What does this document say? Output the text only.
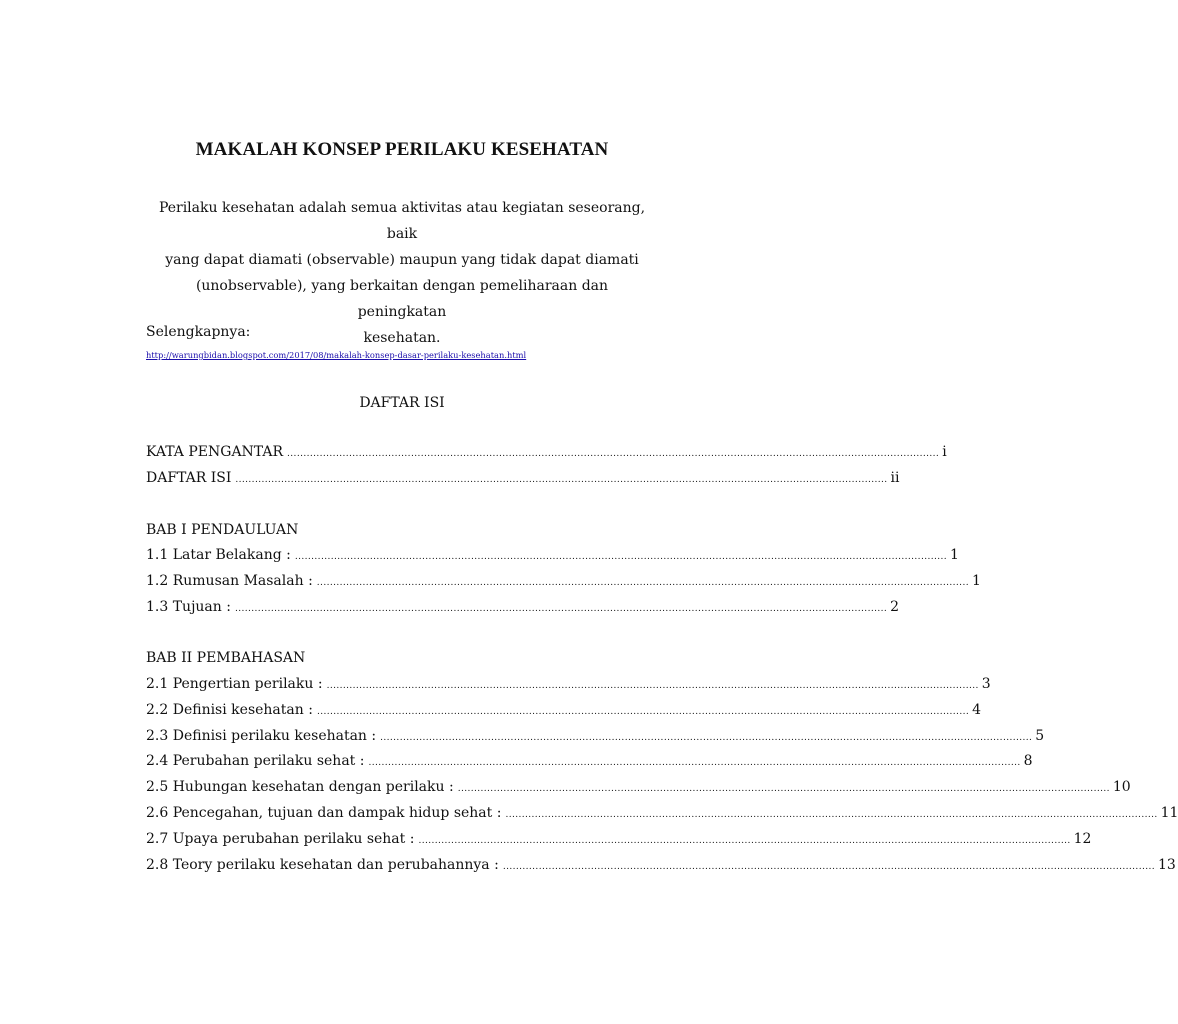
MAKALAH KONSEP PERILAKU KESEHATAN
Perilaku kesehatan adalah semua aktivitas atau kegiatan seseorang, baik
yang dapat diamati (observable) maupun yang tidak dapat diamati
(unobservable), yang berkaitan dengan pemeliharaan dan peningkatan
kesehatan.
Selengkapnya:
http://warungbidan.blogspot.com/2017/08/makalah-konsep-dasar-perilaku-kesehatan.html
DAFTAR ISI
KATA PENGANTAR ........................................................................................................................................................................................................ i
DAFTAR ISI ........................................................................................................................................................................................................ ii
BAB I PENDAULUAN
1.1 Latar Belakang : ........................................................................................................................................................................................................ 1
1.2 Rumusan Masalah : ........................................................................................................................................................................................................ 1
1.3 Tujuan : ........................................................................................................................................................................................................ 2
BAB II PEMBAHASAN
2.1 Pengertian perilaku : ........................................................................................................................................................................................................ 3
2.2 Definisi kesehatan : ........................................................................................................................................................................................................ 4
2.3 Definisi perilaku kesehatan : ........................................................................................................................................................................................................ 5
2.4 Perubahan perilaku sehat : ........................................................................................................................................................................................................ 8
2.5 Hubungan kesehatan dengan perilaku : ........................................................................................................................................................................................................ 10
2.6 Pencegahan, tujuan dan dampak hidup sehat : ........................................................................................................................................................................................................ 11
2.7 Upaya perubahan perilaku sehat : ........................................................................................................................................................................................................ 12
2.8 Teory perilaku kesehatan dan perubahannya : ........................................................................................................................................................................................................ 13
